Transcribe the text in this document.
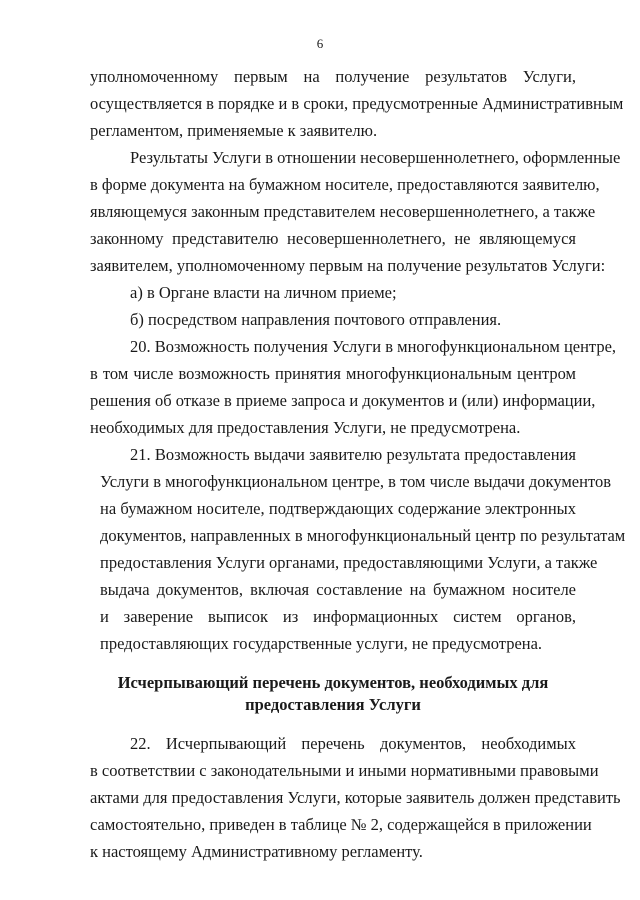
6
уполномоченному первым на получение результатов Услуги,
осуществляется в порядке и в сроки, предусмотренные Административным
регламентом, применяемые к заявителю.
Результаты Услуги в отношении несовершеннолетнего, оформленные
в форме документа на бумажном носителе, предоставляются заявителю,
являющемуся законным представителем несовершеннолетнего, а также
законному представителю несовершеннолетнего, не являющемуся
заявителем, уполномоченному первым на получение результатов Услуги:
а) в Органе власти на личном приеме;
б) посредством направления почтового отправления.
20. Возможность получения Услуги в многофункциональном центре,
в том числе возможность принятия многофункциональным центром
решения об отказе в приеме запроса и документов и (или) информации,
необходимых для предоставления Услуги, не предусмотрена.
21. Возможность выдачи заявителю результата предоставления
Услуги в многофункциональном центре, в том числе выдачи документов
на бумажном носителе, подтверждающих содержание электронных
документов, направленных в многофункциональный центр по результатам
предоставления Услуги органами, предоставляющими Услуги, а также
выдача документов, включая составление на бумажном носителе
и заверение выписок из информационных систем органов,
предоставляющих государственные услуги, не предусмотрена.
Исчерпывающий перечень документов, необходимых для
предоставления Услуги
22. Исчерпывающий перечень документов, необходимых
в соответствии с законодательными и иными нормативными правовыми
актами для предоставления Услуги, которые заявитель должен представить
самостоятельно, приведен в таблице № 2, содержащейся в приложении
к настоящему Административному регламенту.
